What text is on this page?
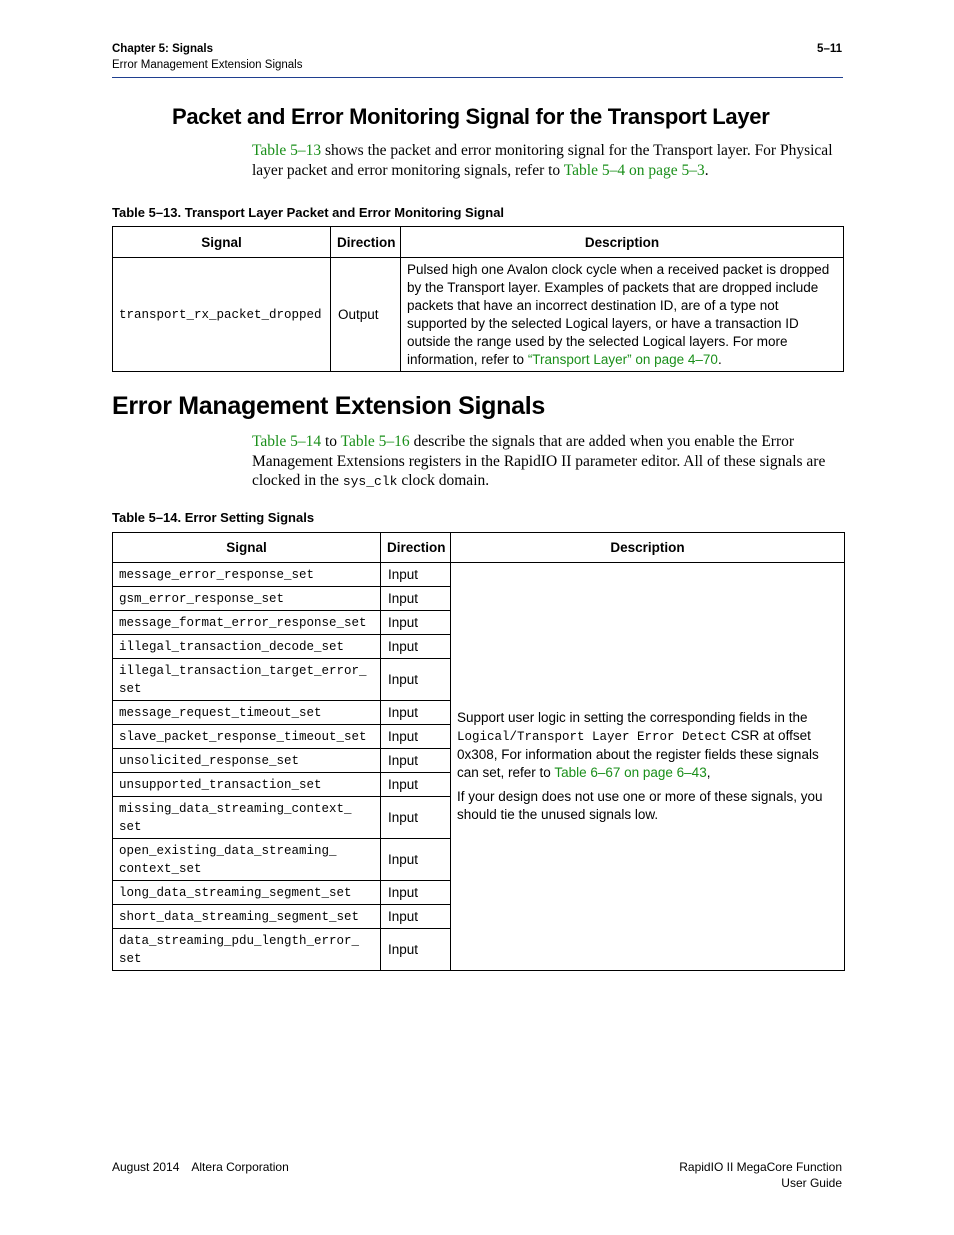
Chapter 5: Signals
Error Management Extension Signals
5–11
Packet and Error Monitoring Signal for the Transport Layer
Table 5–13 shows the packet and error monitoring signal for the Transport layer. For Physical layer packet and error monitoring signals, refer to Table 5–4 on page 5–3.
Table 5–13. Transport Layer Packet and Error Monitoring Signal
Signal	Direction	Description
transport_rx_packet_dropped	Output	Pulsed high one Avalon clock cycle when a received packet is dropped by the Transport layer. Examples of packets that are dropped include packets that have an incorrect destination ID, are of a type not supported by the selected Logical layers, or have a transaction ID outside the range used by the selected Logical layers. For more information, refer to “Transport Layer” on page 4–70.
Error Management Extension Signals
Table 5–14 to Table 5–16 describe the signals that are added when you enable the Error Management Extensions registers in the RapidIO II parameter editor. All of these signals are clocked in the sys_clk clock domain.
Table 5–14. Error Setting Signals
Signal	Direction	Description
message_error_response_set	Input	Support user logic in setting the corresponding fields in the Logical/Transport Layer Error Detect CSR at offset 0x308, For information about the register fields these signals can set, refer to Table 6–67 on page 6–43,

If your design does not use one or more of these signals, you should tie the unused signals low.

gsm_error_response_set	Input	
message_format_error_response_set	Input	
illegal_transaction_decode_set	Input	
illegal_transaction_target_error_
set	Input	
message_request_timeout_set	Input	
slave_packet_response_timeout_set	Input	
unsolicited_response_set	Input	
unsupported_transaction_set	Input	
missing_data_streaming_context_
set	Input	
open_existing_data_streaming_
context_set	Input	
long_data_streaming_segment_set	Input	
short_data_streaming_segment_set	Input	
data_streaming_pdu_length_error_
set	Input	
August 2014 Altera Corporation	RapidIO II MegaCore Function
User Guide
